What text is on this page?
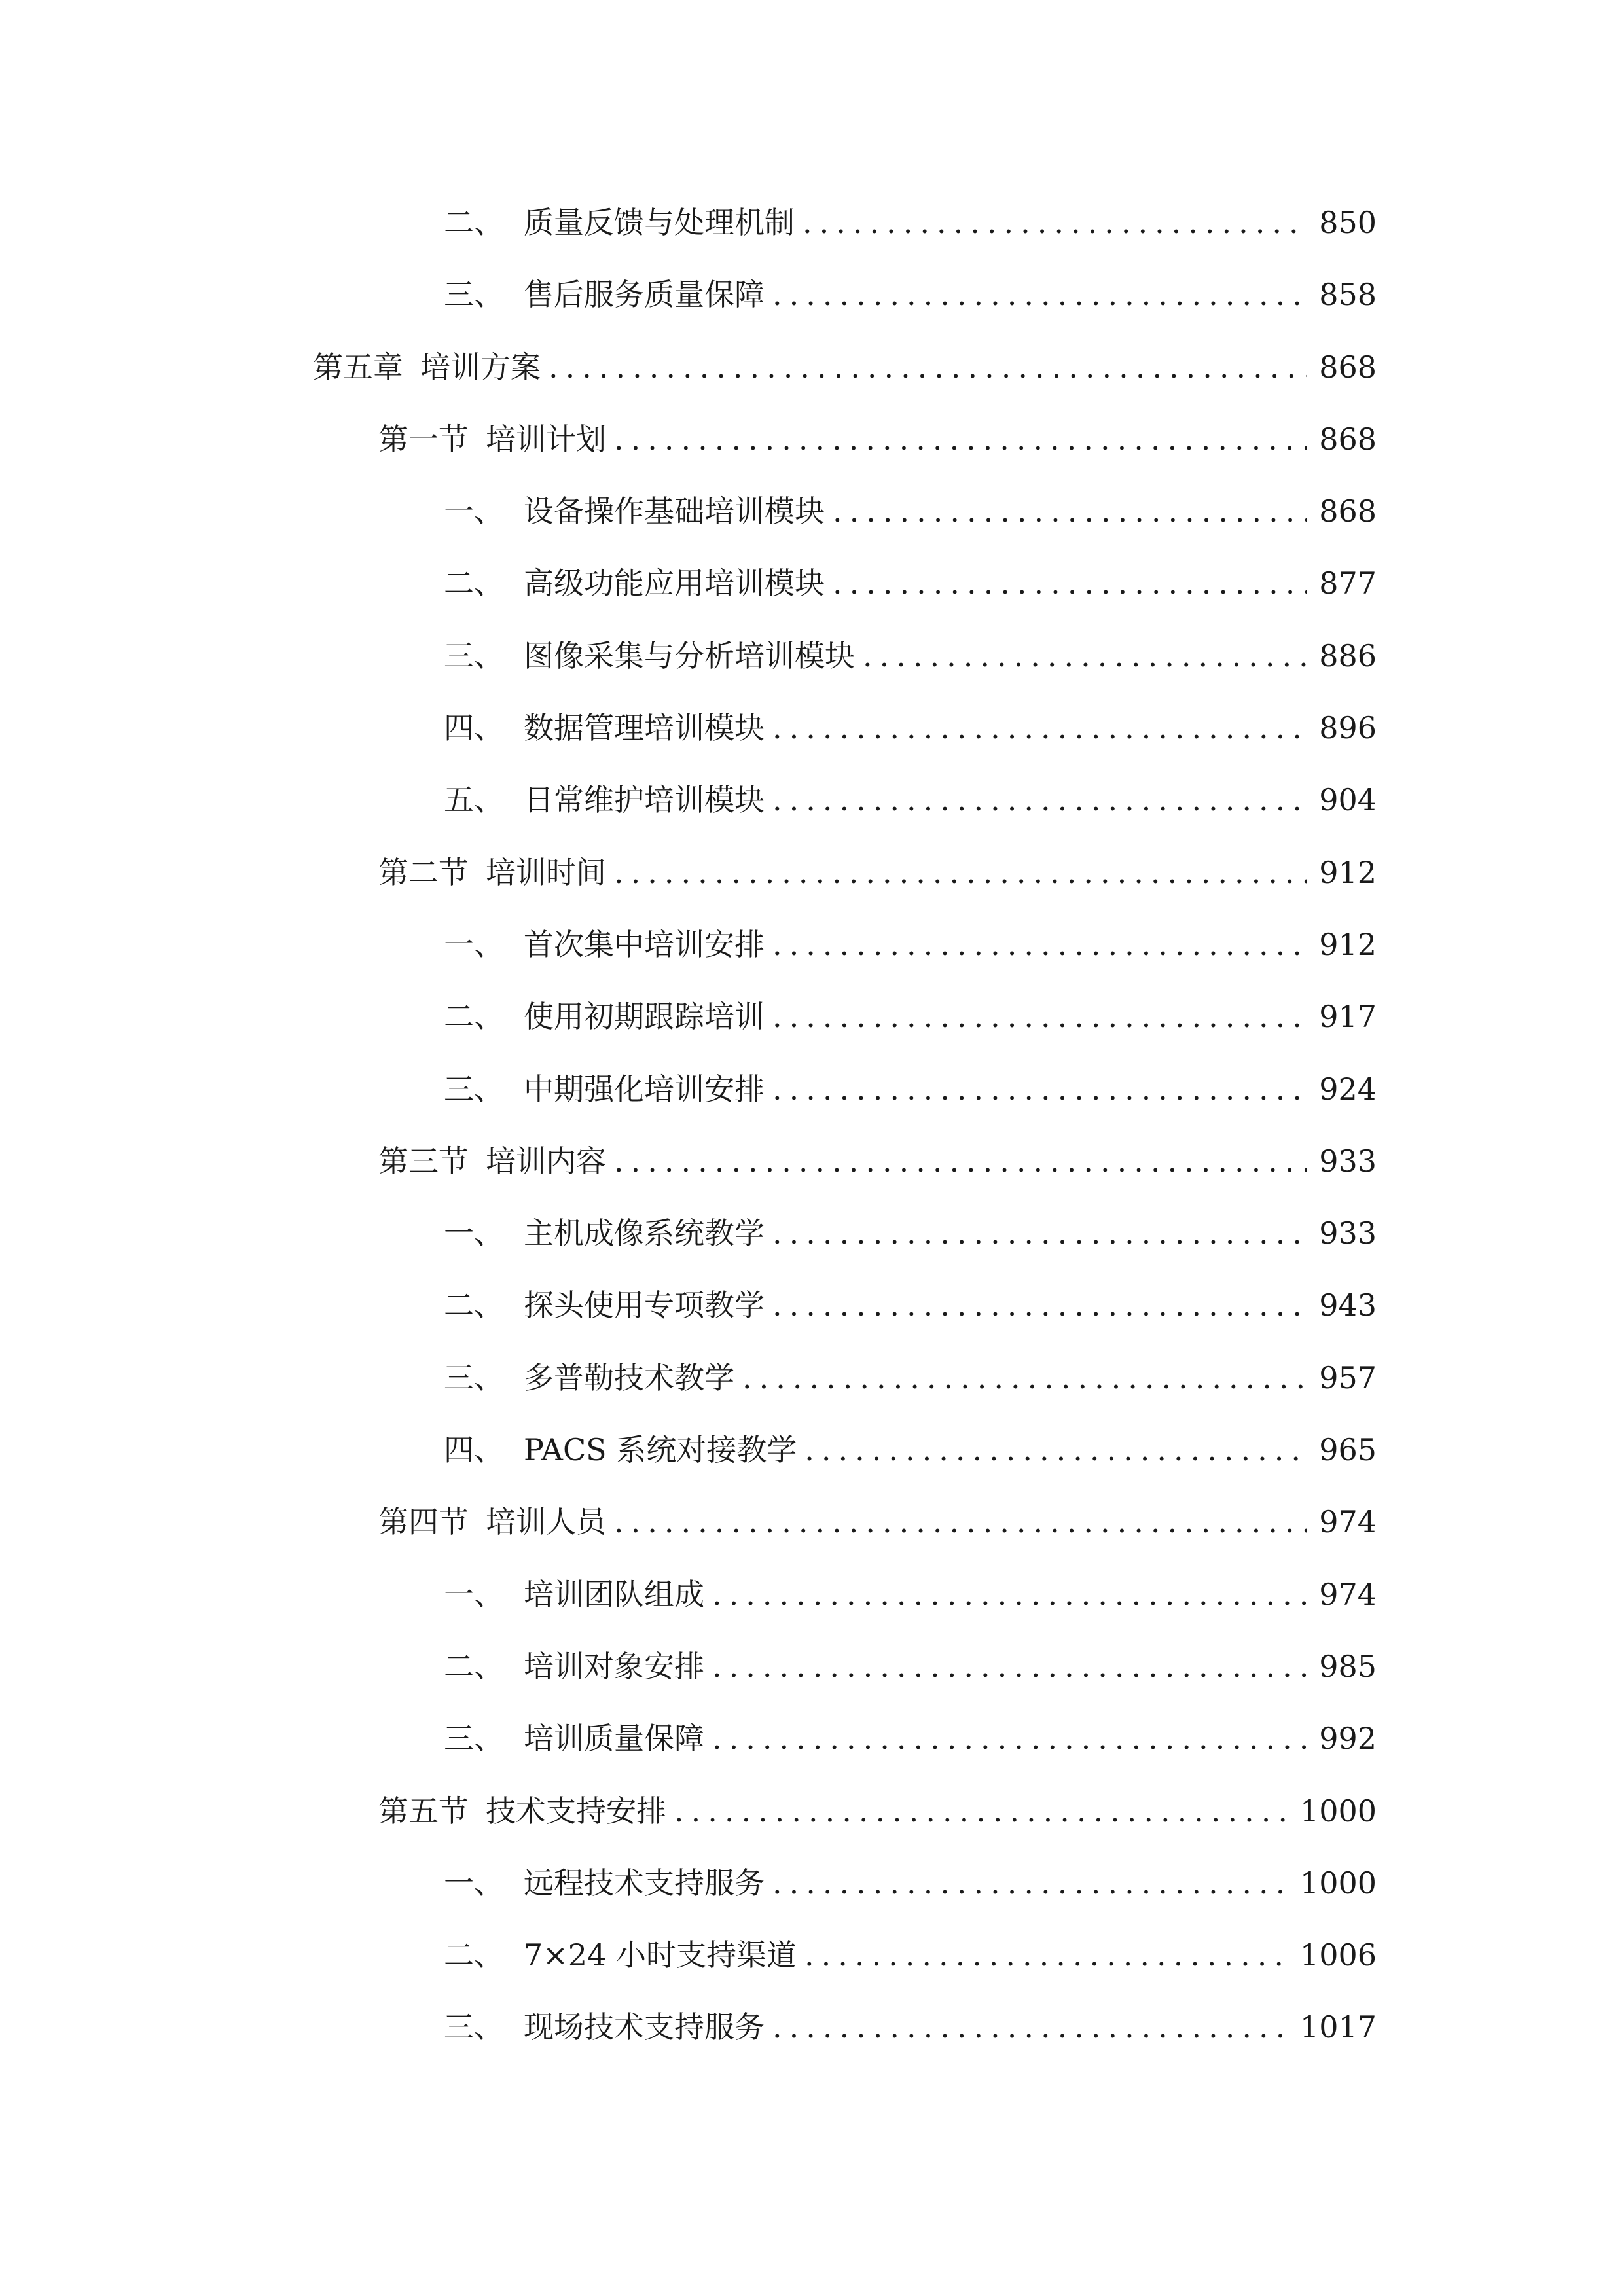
二、 质量反馈与处理机制 .....	850
三、 售后服务质量保障 .....	858
第五章 培训方案 .....	868
第一节 培训计划 .....	868
一、 设备操作基础培训模块 .....	868
二、 高级功能应用培训模块 .....	877
三、 图像采集与分析培训模块 .....	886
四、 数据管理培训模块 .....	896
五、 日常维护培训模块 .....	904
第二节 培训时间 .....	912
一、 首次集中培训安排 .....	912
二、 使用初期跟踪培训 .....	917
三、 中期强化培训安排 .....	924
第三节 培训内容 .....	933
一、 主机成像系统教学 .....	933
二、 探头使用专项教学 .....	943
三、 多普勒技术教学 .....	957
四、 PACS 系统对接教学 .....	965
第四节 培训人员 .....	974
一、 培训团队组成 .....	974
二、 培训对象安排 .....	985
三、 培训质量保障 .....	992
第五节 技术支持安排 .....	1000
一、 远程技术支持服务 .....	1000
二、 7×24 小时支持渠道 .....	1006
三、 现场技术支持服务 .....	1017
